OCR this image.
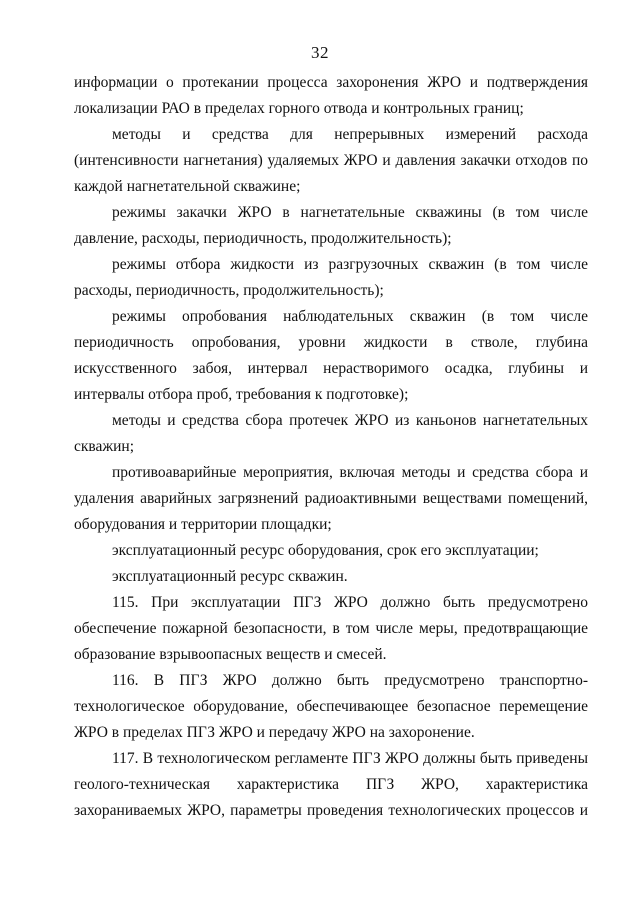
32

информации о протекании процесса захоронения ЖРО и подтверждения локализации РАО в пределах горного отвода и контрольных границ;

методы и средства для непрерывных измерений расхода (интенсивности нагнетания) удаляемых ЖРО и давления закачки отходов по каждой нагнетательной скважине;

режимы закачки ЖРО в нагнетательные скважины (в том числе давление, расходы, периодичность, продолжительность);

режимы отбора жидкости из разгрузочных скважин (в том числе расходы, периодичность, продолжительность);

режимы опробования наблюдательных скважин (в том числе периодичность опробования, уровни жидкости в стволе, глубина искусственного забоя, интервал нерастворимого осадка, глубины и интервалы отбора проб, требования к подготовке);

методы и средства сбора протечек ЖРО из каньонов нагнетательных скважин;

противоаварийные мероприятия, включая методы и средства сбора и удаления аварийных загрязнений радиоактивными веществами помещений, оборудования и территории площадки;

эксплуатационный ресурс оборудования, срок его эксплуатации;

эксплуатационный ресурс скважин.

115. При эксплуатации ПГЗ ЖРО должно быть предусмотрено обеспечение пожарной безопасности, в том числе меры, предотвращающие образование взрывоопасных веществ и смесей.

116. В ПГЗ ЖРО должно быть предусмотрено транспортно-технологическое оборудование, обеспечивающее безопасное перемещение ЖРО в пределах ПГЗ ЖРО и передачу ЖРО на захоронение.

117. В технологическом регламенте ПГЗ ЖРО должны быть приведены геолого-техническая характеристика ПГЗ ЖРО, характеристика захораниваемых ЖРО, параметры проведения технологических процессов и
